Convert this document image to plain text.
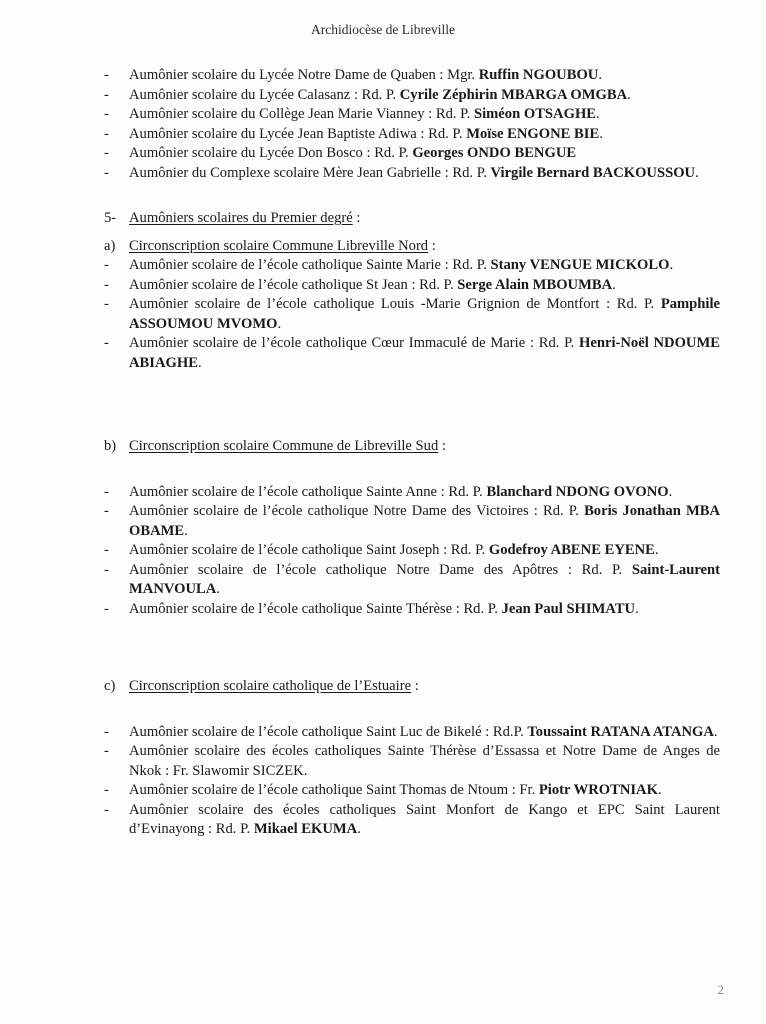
Archidiocèse de Libreville
- Aumônier scolaire du Lycée Notre Dame de Quaben : Mgr. Ruffin NGOUBOU.
- Aumônier scolaire du Lycée Calasanz : Rd. P. Cyrile Zéphirin MBARGA OMGBA.
- Aumônier scolaire du Collège Jean Marie Vianney : Rd. P. Siméon OTSAGHE.
- Aumônier scolaire du Lycée Jean Baptiste Adiwa : Rd. P. Moïse ENGONE BIE.
- Aumônier scolaire du Lycée Don Bosco : Rd. P. Georges ONDO BENGUE
- Aumônier du Complexe scolaire Mère Jean Gabrielle : Rd. P. Virgile Bernard BACKOUSSOU.
5- Aumôniers scolaires du Premier degré :
a) Circonscription scolaire Commune Libreville Nord :
- Aumônier scolaire de l’école catholique Sainte Marie : Rd. P. Stany VENGUE MICKOLO.
- Aumônier scolaire de l’école catholique St Jean : Rd. P. Serge Alain MBOUMBA.
- Aumônier scolaire de l’école catholique Louis -Marie Grignion de Montfort : Rd. P. Pamphile ASSOUMOU MVOMO.
- Aumônier scolaire de l’école catholique Cœur Immaculé de Marie : Rd. P. Henri-Noël NDOUME ABIAGHE.
b) Circonscription scolaire Commune de Libreville Sud :
- Aumônier scolaire de l’école catholique Sainte Anne : Rd. P. Blanchard NDONG OVONO.
- Aumônier scolaire de l’école catholique Notre Dame des Victoires : Rd. P. Boris Jonathan MBA OBAME.
- Aumônier scolaire de l’école catholique Saint Joseph : Rd. P. Godefroy ABENE EYENE.
- Aumônier scolaire de l’école catholique Notre Dame des Apôtres : Rd. P. Saint-Laurent MANVOULA.
- Aumônier scolaire de l’école catholique Sainte Thérèse : Rd. P. Jean Paul SHIMATU.
c) Circonscription scolaire catholique de l’Estuaire :
- Aumônier scolaire de l’école catholique Saint Luc de Bikelé : Rd.P. Toussaint RATANA ATANGA.
- Aumônier scolaire des écoles catholiques Sainte Thérèse d’Essassa et Notre Dame de Anges de Nkok : Fr. Slawomir SICZEK.
- Aumônier scolaire de l’école catholique Saint Thomas de Ntoum : Fr. Piotr WROTNIAK.
- Aumônier scolaire des écoles catholiques Saint Monfort de Kango et EPC Saint Laurent d’Evinayong : Rd. P. Mikael EKUMA.
2
